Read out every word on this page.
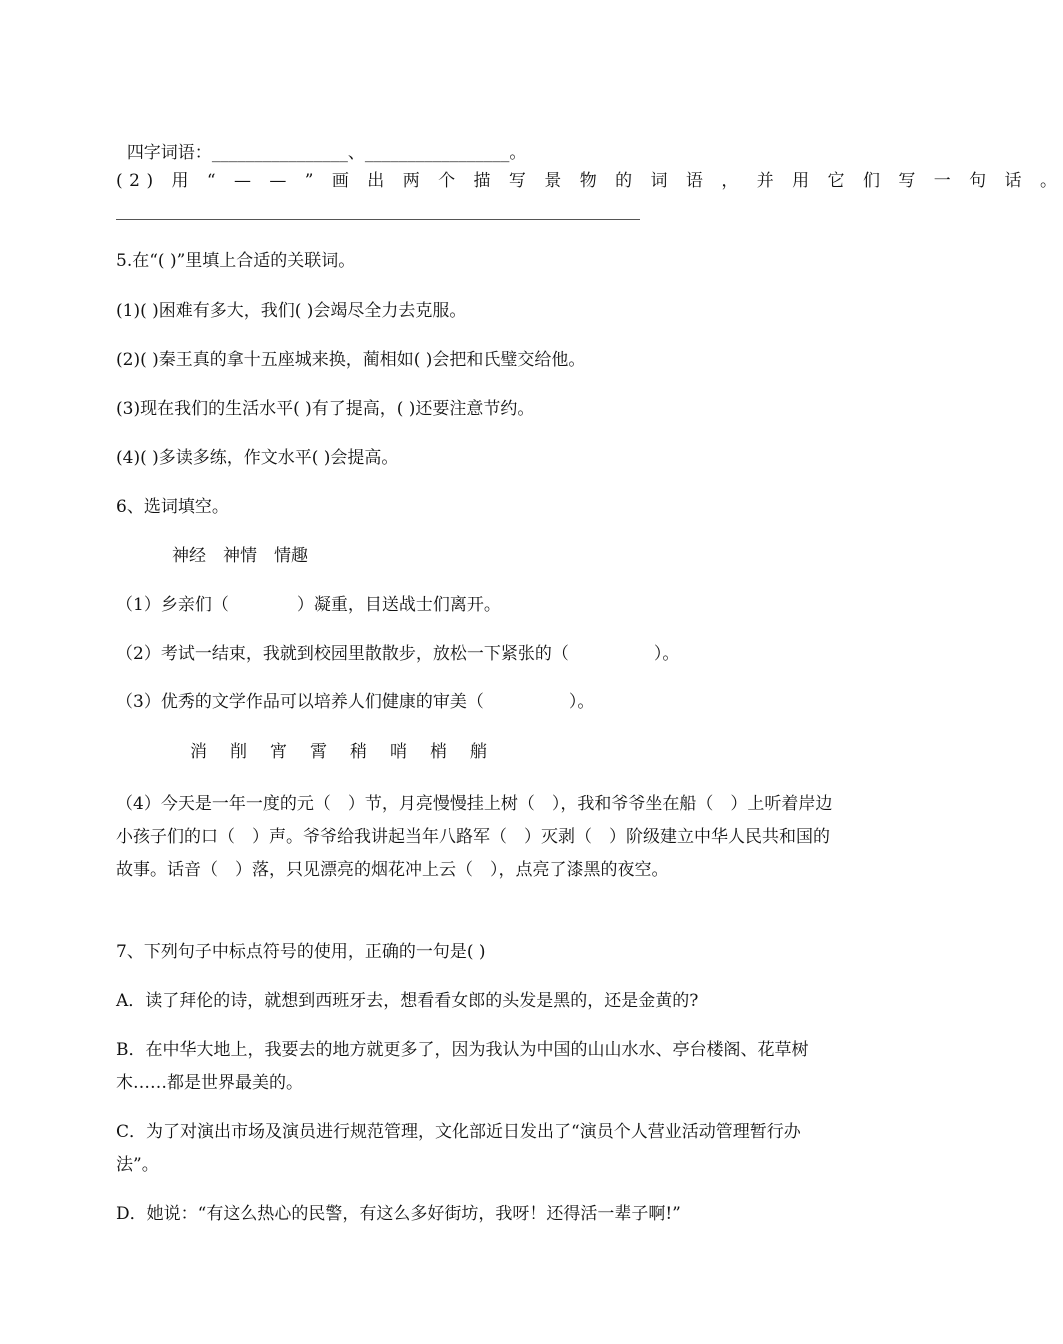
四字词语：________________、_________________。

(2) 用 “ — — ” 画 出 两 个 描 写 景 物 的 词 语 ， 并 用 它 们 写 一 句 话 。
5.在“( )”里填上合适的关联词。
(1)( )困难有多大，我们( )会竭尽全力去克服。
(2)( )秦王真的拿十五座城来换，蔺相如( )会把和氏璧交给他。
(3)现在我们的生活水平( )有了提高，( )还要注意节约。
(4)( )多读多练，作文水平( )会提高。
6、选词填空。
神经　神情　情趣
（1）乡亲们（　　　　）凝重，目送战士们离开。
（2）考试一结束，我就到校园里散散步，放松一下紧张的（　　　　　）。
（3）优秀的文学作品可以培养人们健康的审美（　　　　　）。
消　削　宵　霄　稍　哨　梢　艄
（4）今天是一年一度的元（　）节，月亮慢慢挂上树（　），我和爷爷坐在船（　）上听着岸边小孩子们的口（　）声。爷爷给我讲起当年八路军（　）灭剥（　）阶级建立中华人民共和国的故事。话音（　）落，只见漂亮的烟花冲上云（　），点亮了漆黑的夜空。
7、下列句子中标点符号的使用，正确的一句是( )
A．读了拜伦的诗，就想到西班牙去，想看看女郎的头发是黑的，还是金黄的?
B．在中华大地上，我要去的地方就更多了，因为我认为中国的山山水水、亭台楼阁、花草树木……都是世界最美的。
C．为了对演出市场及演员进行规范管理，文化部近日发出了“演员个人营业活动管理暂行办法”。
D．她说：“有这么热心的民警，有这么多好街坊，我呀！还得活一辈子啊!”
